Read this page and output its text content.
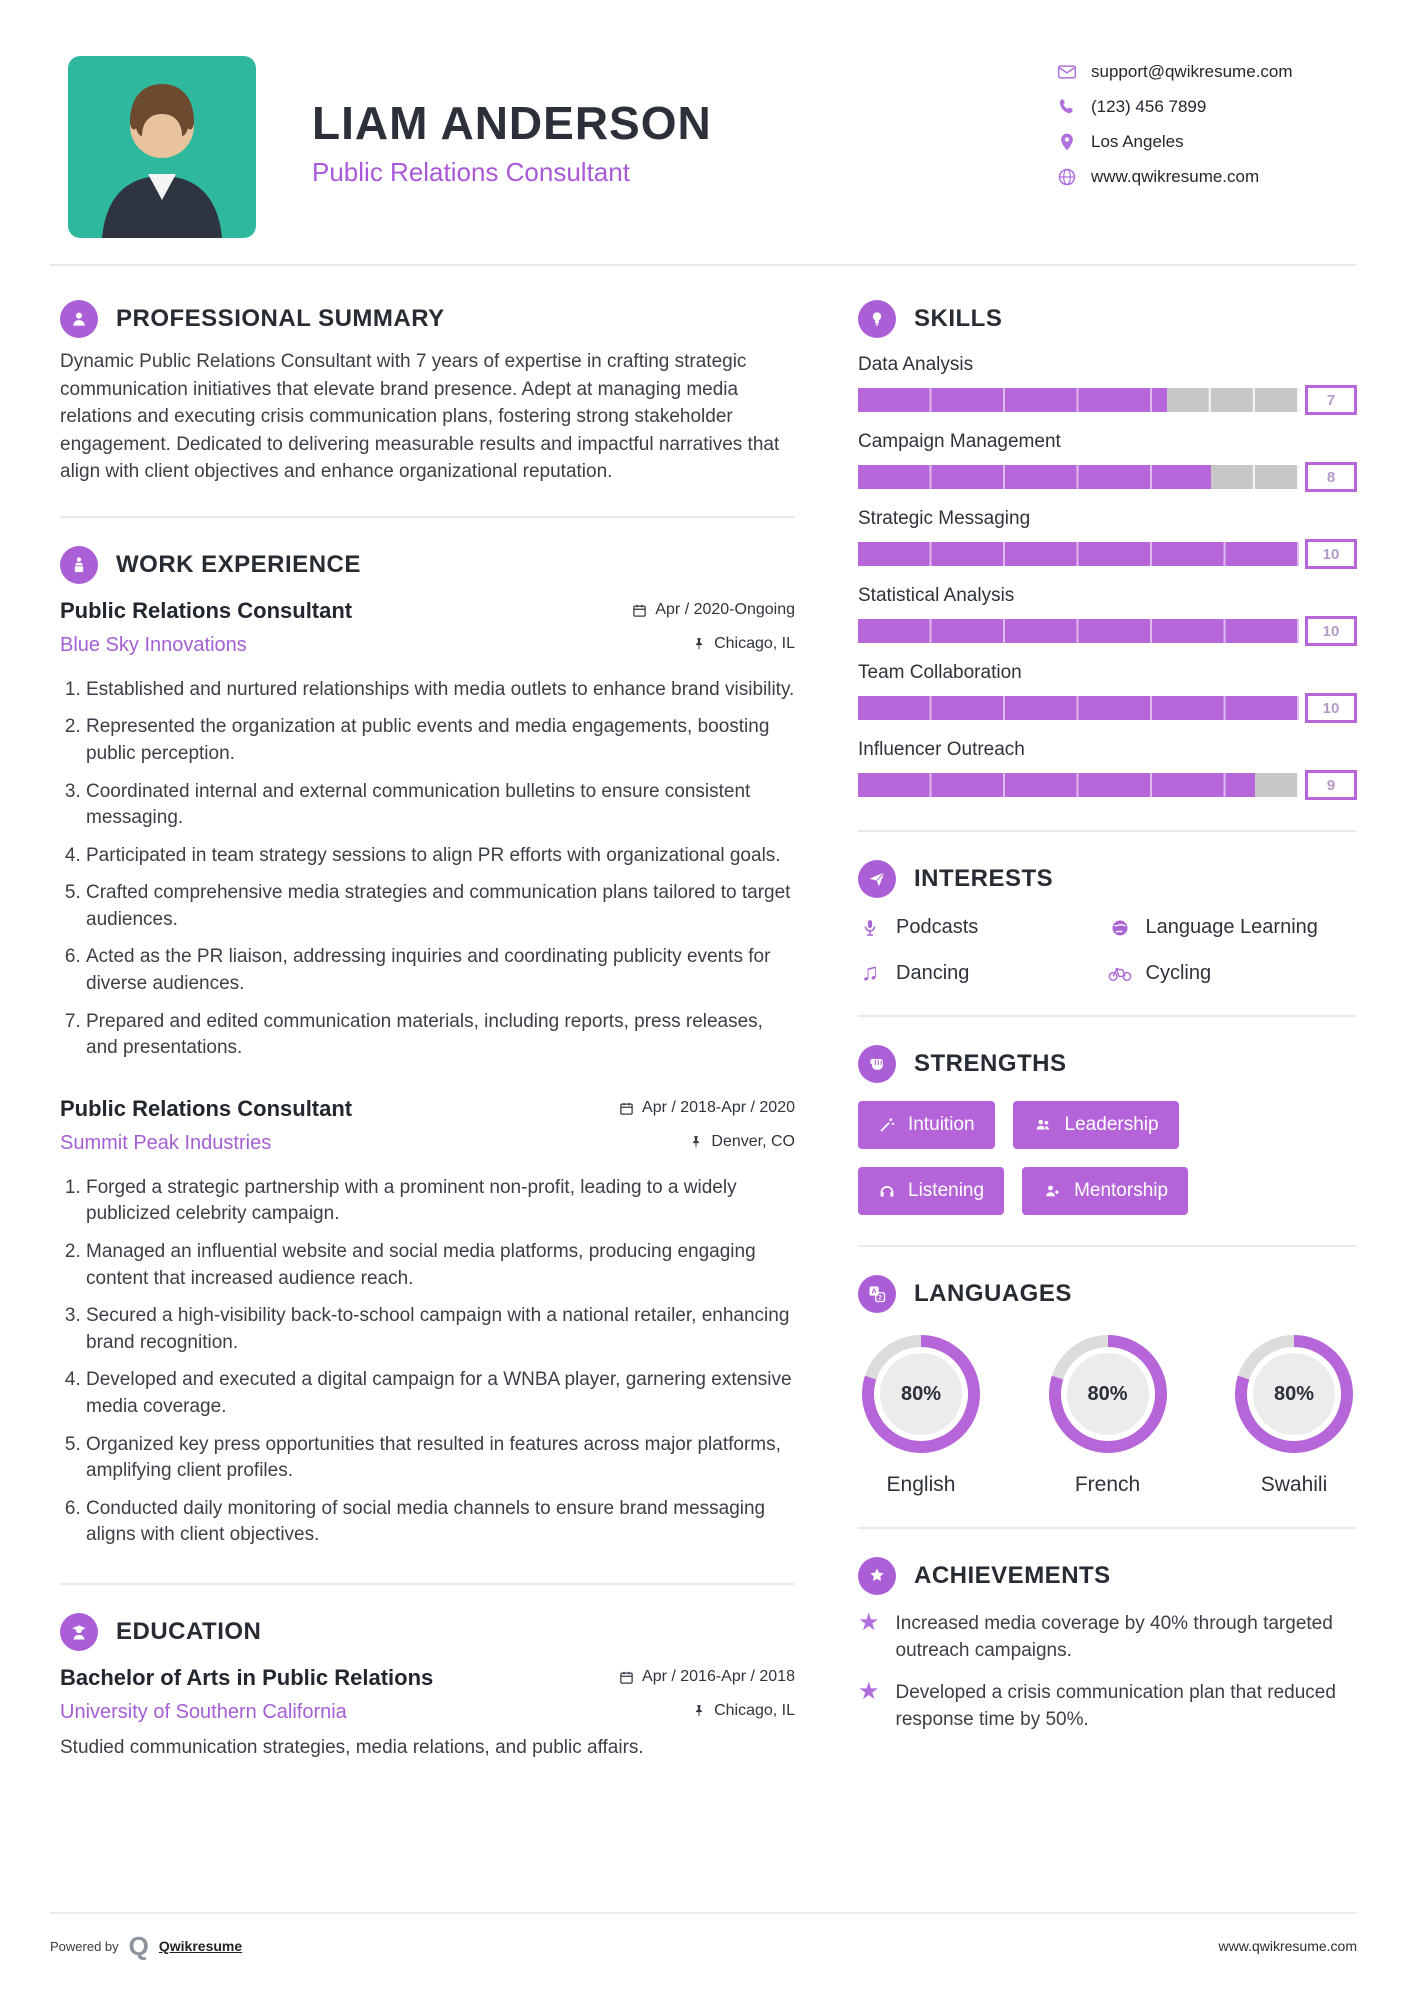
LIAM ANDERSON
Public Relations Consultant
support@qwikresume.com
(123) 456 7899
Los Angeles
www.qwikresume.com
PROFESSIONAL SUMMARY

Dynamic Public Relations Consultant with 7 years of expertise in crafting strategic communication initiatives that elevate brand presence. Adept at managing media relations and executing crisis communication plans, fostering strong stakeholder engagement. Dedicated to delivering measurable results and impactful narratives that align with client objectives and enhance organizational reputation.

WORK EXPERIENCE
Public Relations Consultant	Apr / 2020-Ongoing
Blue Sky Innovations	Chicago, IL
1. Established and nurtured relationships with media outlets to enhance brand visibility.
2. Represented the organization at public events and media engagements, boosting public perception.
3. Coordinated internal and external communication bulletins to ensure consistent messaging.
4. Participated in team strategy sessions to align PR efforts with organizational goals.
5. Crafted comprehensive media strategies and communication plans tailored to target audiences.
6. Acted as the PR liaison, addressing inquiries and coordinating publicity events for diverse audiences.
7. Prepared and edited communication materials, including reports, press releases, and presentations.
Public Relations Consultant	Apr / 2018-Apr / 2020
Summit Peak Industries	Denver, CO
1. Forged a strategic partnership with a prominent non-profit, leading to a widely publicized celebrity campaign.
2. Managed an influential website and social media platforms, producing engaging content that increased audience reach.
3. Secured a high-visibility back-to-school campaign with a national retailer, enhancing brand recognition.
4. Developed and executed a digital campaign for a WNBA player, garnering extensive media coverage.
5. Organized key press opportunities that resulted in features across major platforms, amplifying client profiles.
6. Conducted daily monitoring of social media channels to ensure brand messaging aligns with client objectives.
EDUCATION
Bachelor of Arts in Public Relations	Apr / 2016-Apr / 2018
University of Southern California	Chicago, IL

Studied communication strategies, media relations, and public affairs.

SKILLS
Data Analysis
7
Campaign Management
8
Strategic Messaging
10
Statistical Analysis
10
Team Collaboration
10
Influencer Outreach
9
INTERESTS
Podcasts	Language Learning
♫ Dancing	Cycling
STRENGTHS
Intuition	Leadership
Listening	Mentorship
A
2 LANGUAGES
80%
English
80%
French
80%
Swahili
ACHIEVEMENTS
★ Increased media coverage by 40% through targeted outreach campaigns.
★ Developed a crisis communication plan that reduced response time by 50%.
Powered by Q Qwikresume	www.qwikresume.com
